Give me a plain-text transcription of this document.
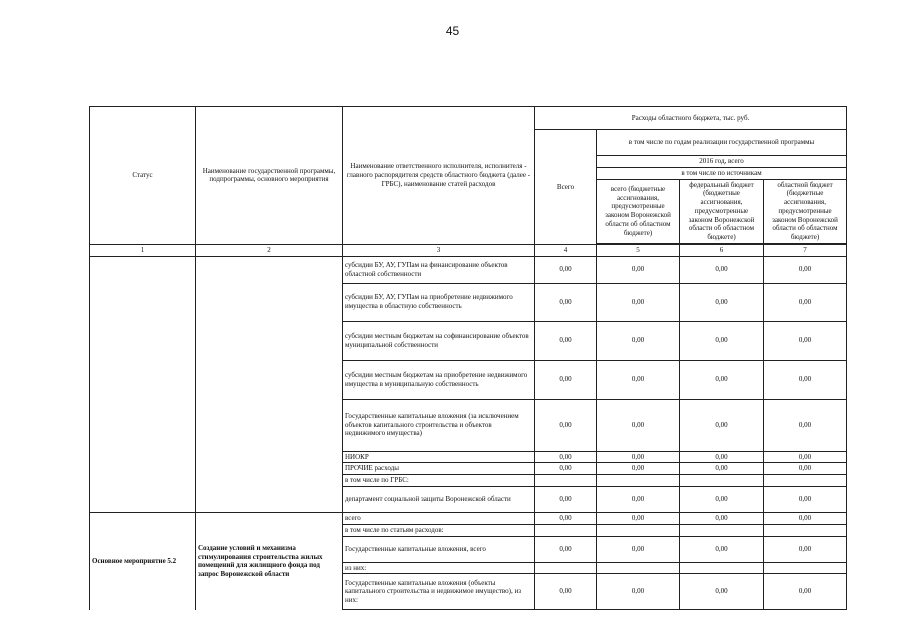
45
Статус	Наименование государственной программы, подпрограммы, основного мероприятия	Наименование ответственного исполнителя, исполнителя - главного распорядителя средств областного бюджета (далее - ГРБС), наименование статей расходов	Расходы областного бюджета, тыс. руб.			
			Всего	в том числе по годам реализации государственной программы		
				2016 год, всего		
				в том числе по источникам		
				всего (бюджетные ассигнования, предусмотренные законом Воронежской области об областном бюджете)	федеральный бюджет (бюджетные ассигнования, предусмотренные законом Воронежской области об областном бюджете)	областной бюджет (бюджетные ассигнования, предусмотренные законом Воронежской области об областном бюджете)

1	2	3	4	5	6	7
		субсидии БУ, АУ, ГУПам на финансирование объектов областной собственности	0,00	0,00	0,00	0,00
		субсидии БУ, АУ, ГУПам на приобретение недвижимого имущества в областную собственность	0,00	0,00	0,00	0,00
		субсидии местным бюджетам на софинансирование объектов муниципальной собственности	0,00	0,00	0,00	0,00
		субсидии местным бюджетам на приобретение недвижимого имущества в муниципальную собственность	0,00	0,00	0,00	0,00
		Государственные капитальные вложения (за исключением объектов капитального строительства и объектов недвижимого имущества)	0,00	0,00	0,00	0,00
		НИОКР	0,00	0,00	0,00	0,00
		ПРОЧИЕ расходы	0,00	0,00	0,00	0,00
		в том числе по ГРБС:				
		департамент социальной защиты Воронежской области	0,00	0,00	0,00	0,00
Основное мероприятие 5.2	Создание условий и механизма стимулирования строительства жилых помещений для жилищного фонда под запрос Воронежской области	всего	0,00	0,00	0,00	0,00
		в том числе по статьям расходов:				
		Государственные капитальные вложения, всего	0,00	0,00	0,00	0,00
		из них:				
		Государственные капитальные вложения (объекты капитального строительства и недвижимое имущество), из них:	0,00	0,00	0,00	0,00
